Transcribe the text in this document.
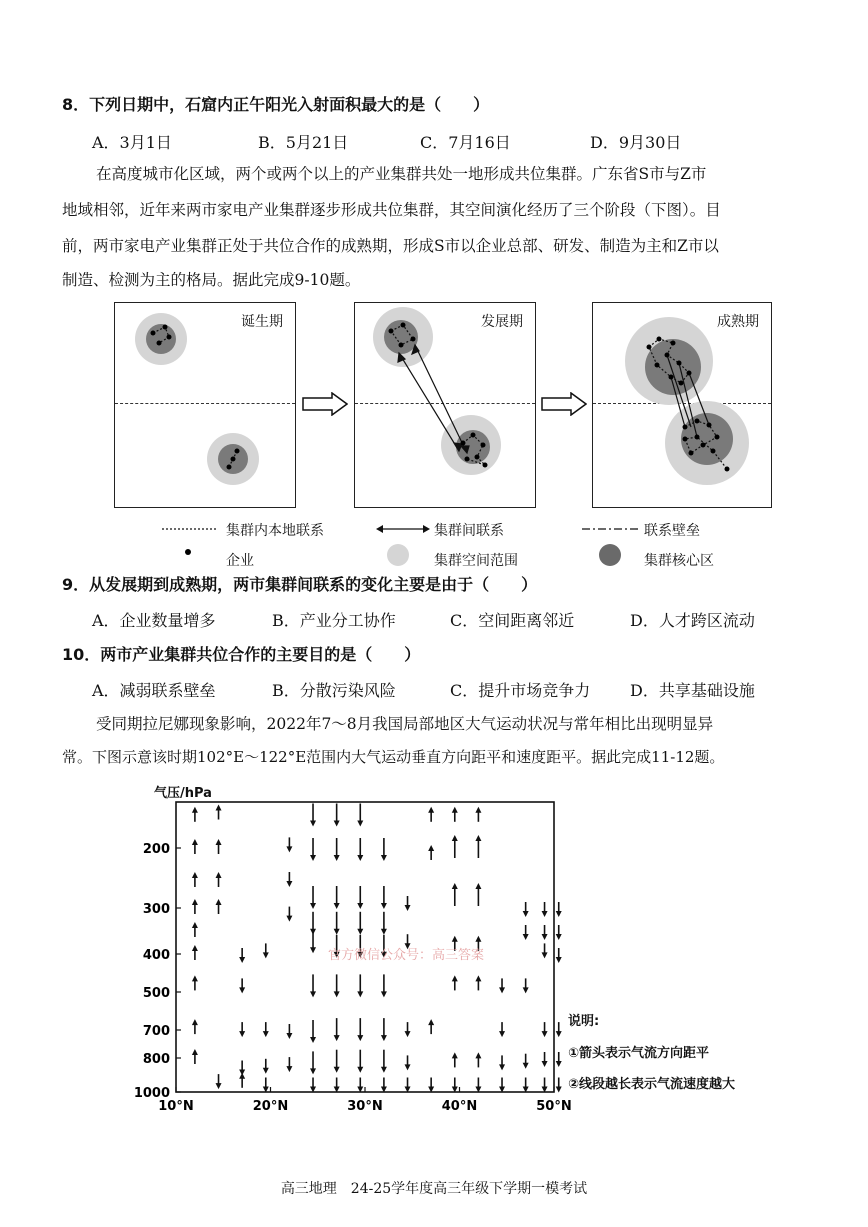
8．下列日期中，石窟内正午阳光入射面积最大的是（　　）
A．3月1日	B．5月21日	C．7月16日	D．9月30日
在高度城市化区域，两个或两个以上的产业集群共处一地形成共位集群。广东省S市与Z市
地域相邻，近年来两市家电产业集群逐步形成共位集群，其空间演化经历了三个阶段（下图）。目
前，两市家电产业集群正处于共位合作的成熟期，形成S市以企业总部、研发、制造为主和Z市以
制造、检测为主的格局。据此完成9-10题。
诞生期	发展期	成熟期
集群内本地联系	集群间联系	联系壁垒
企业	集群空间范围	集群核心区
9．从发展期到成熟期，两市集群间联系的变化主要是由于（　　）
A．企业数量增多	B．产业分工协作	C．空间距离邻近	D．人才跨区流动
10．两市产业集群共位合作的主要目的是（　　）
A．减弱联系壁垒	B．分散污染风险	C．提升市场竞争力 D．共享基础设施
受同期拉尼娜现象影响，2022年7～8月我国局部地区大气运动状况与常年相比出现明显异
常。下图示意该时期102°E～122°E范围内大气运动垂直方向距平和速度距平。据此完成11-12题。
气压/hPa
200
300
400
500
700
800
1000
10°N	20°N	30°N	40°N	50°N
官方微信公众号：高三答案
说明:
①箭头表示气流方向距平
②线段越长表示气流速度越大
高三地理　24-25学年度高三年级下学期一模考试
